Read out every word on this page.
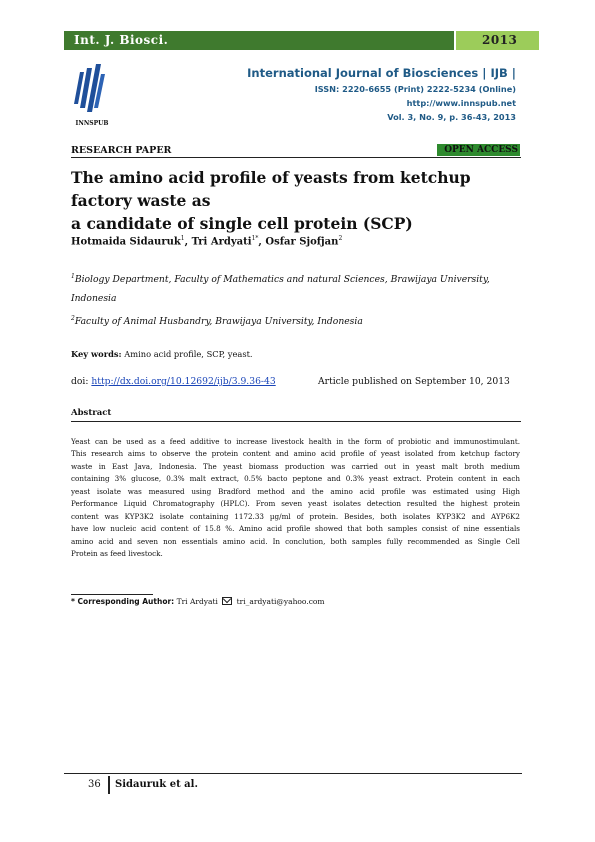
Int. J. Biosci.	2013
INNSPUB
International Journal of Biosciences | IJB |
ISSN: 2220-6655 (Print) 2222-5234 (Online)
http://www.innspub.net
Vol. 3, No. 9, p. 36-43, 2013
RESEARCH PAPER	OPEN ACCESS
The amino acid profile of yeasts from ketchup factory waste as
a candidate of single cell protein (SCP)
Hotmaida Sidauruk$^1$, Tri Ardyati$^{1*}$, Osfar Sjofjan$^2$
$^1$Biology Department, Faculty of Mathematics and natural Sciences, Brawijaya University,
Indonesia
$^2$Faculty of Animal Husbandry, Brawijaya University, Indonesia
Key words: Amino acid profile, SCP, yeast.
doi: http://dx.doi.org/10.12692/ijb/3.9.36-43	Article published on September 10, 2013
Abstract
Yeast can be used as a feed additive to increase livestock health in the form of probiotic and immunostimulant.
This research aims to observe the protein content and amino acid profile of yeast isolated from ketchup factory
waste in East Java, Indonesia. The yeast biomass production was carried out in yeast malt broth medium
containing 3% glucose, 0.3% malt extract, 0.5% bacto peptone and 0.3% yeast extract. Protein content in each
yeast isolate was measured using Bradford method and the amino acid profile was estimated using High
Performance Liquid Chromatography (HPLC). From seven yeast isolates detection resulted the highest protein
content was KYP3K2 isolate containing 1172.33 µg/ml of protein. Besides, both isolates KYP3K2 and AYP6K2
have low nucleic acid content of 15.8 %. Amino acid profile showed that both samples consist of nine essentials
amino acid and seven non essentials amino acid. In conclution, both samples fully recommended as Single Cell
Protein as feed livestock.
* Corresponding Author: Tri Ardyati	tri_ardyati@yahoo.com
36 Sidauruk et al.
